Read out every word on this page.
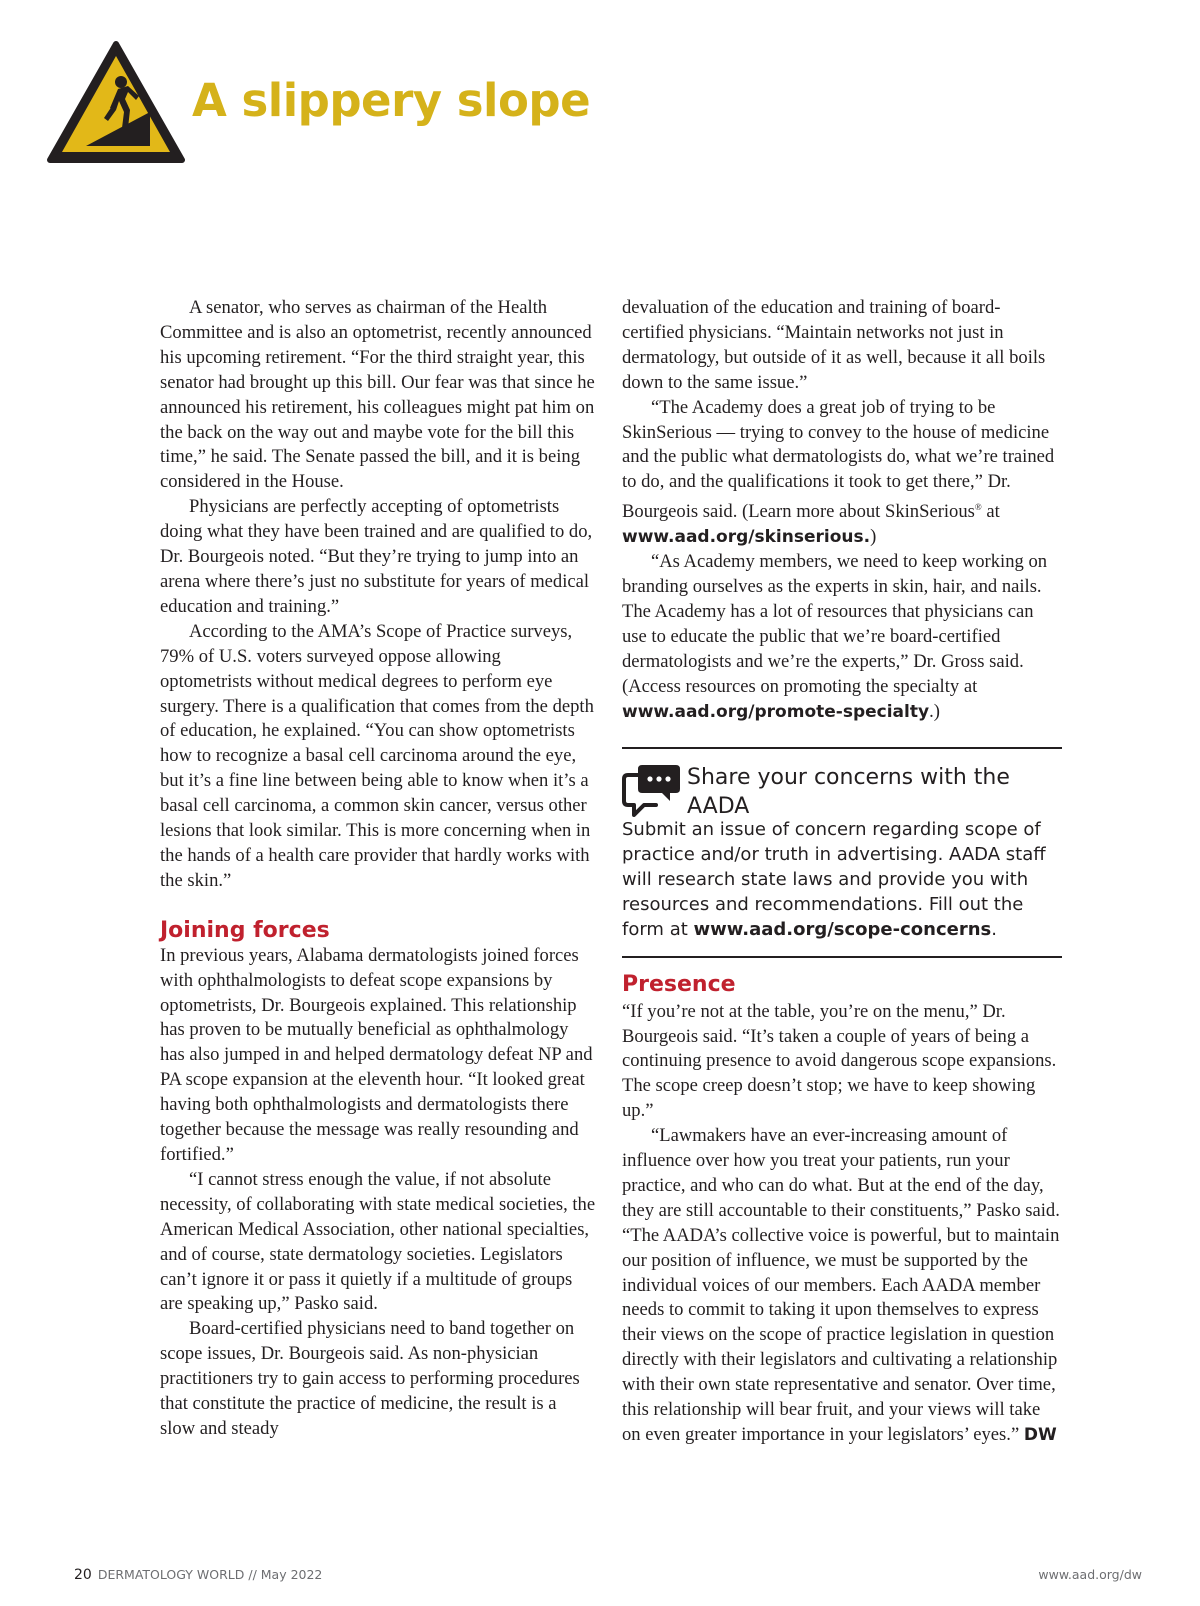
A slippery slope

A senator, who serves as chairman of the Health Committee and is also an optometrist, recently announced his upcoming retirement. “For the third straight year, this senator had brought up this bill. Our fear was that since he announced his retirement, his colleagues might pat him on the back on the way out and maybe vote for the bill this time,” he said. The Senate passed the bill, and it is being considered in the House.

Physicians are perfectly accepting of optometrists doing what they have been trained and are qualified to do, Dr. Bourgeois noted. “But they’re trying to jump into an arena where there’s just no substitute for years of medical education and training.”

According to the AMA’s Scope of Practice surveys, 79% of U.S. voters surveyed oppose allowing optometrists without medical degrees to perform eye surgery. There is a qualification that comes from the depth of education, he explained. “You can show optometrists how to recognize a basal cell carcinoma around the eye, but it’s a fine line between being able to know when it’s a basal cell carcinoma, a common skin cancer, versus other lesions that look similar. This is more concerning when in the hands of a health care provider that hardly works with the skin.”

Joining forces

In previous years, Alabama dermatologists joined forces with ophthalmologists to defeat scope expansions by optometrists, Dr. Bourgeois explained. This relationship has proven to be mutually beneficial as ophthalmology has also jumped in and helped dermatology defeat NP and PA scope expansion at the eleventh hour. “It looked great having both ophthalmologists and dermatologists there together because the message was really resounding and fortified.”

“I cannot stress enough the value, if not absolute necessity, of collaborating with state medical societies, the American Medical Association, other national specialties, and of course, state dermatology societies. Legislators can’t ignore it or pass it quietly if a multitude of groups are speaking up,” Pasko said.

Board-certified physicians need to band together on scope issues, Dr. Bourgeois said. As non-physician practitioners try to gain access to performing procedures that constitute the practice of medicine, the result is a slow and steady

devaluation of the education and training of board-certified physicians. “Maintain networks not just in dermatology, but outside of it as well, because it all boils down to the same issue.”

“The Academy does a great job of trying to be SkinSerious — trying to convey to the house of medicine and the public what dermatologists do, what we’re trained to do, and the qualifications it took to get there,” Dr. Bourgeois said. (Learn more about SkinSerious® at www.aad.org/skinserious.)

“As Academy members, we need to keep working on branding ourselves as the experts in skin, hair, and nails. The Academy has a lot of resources that physicians can use to educate the public that we’re board-certified dermatologists and we’re the experts,” Dr. Gross said. (Access resources on promoting the specialty at www.aad.org/promote-specialty.)

Share your concerns with the AADA

Submit an issue of concern regarding scope of practice and/or truth in advertising. AADA staff will research state laws and provide you with resources and recommendations. Fill out the form at www.aad.org/scope-concerns.

Presence

“If you’re not at the table, you’re on the menu,” Dr. Bourgeois said. “It’s taken a couple of years of being a continuing presence to avoid dangerous scope expansions. The scope creep doesn’t stop; we have to keep showing up.”

“Lawmakers have an ever-increasing amount of influence over how you treat your patients, run your practice, and who can do what. But at the end of the day, they are still accountable to their constituents,” Pasko said. “The AADA’s collective voice is powerful, but to maintain our position of influence, we must be supported by the individual voices of our members. Each AADA member needs to commit to taking it upon themselves to express their views on the scope of practice legislation in question directly with their legislators and cultivating a relationship with their own state representative and senator. Over time, this relationship will bear fruit, and your views will take on even greater importance in your legislators’ eyes.” DW

20 DERMATOLOGY WORLD // May 2022	www.aad.org/dw
